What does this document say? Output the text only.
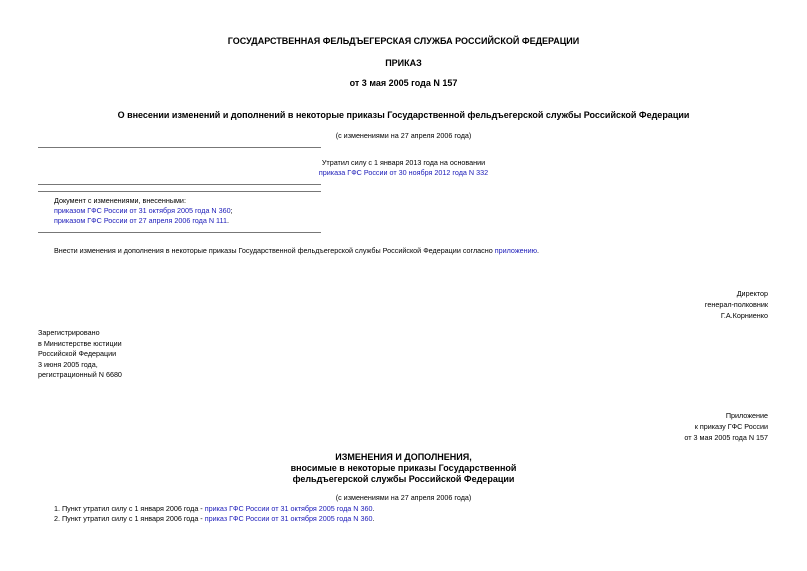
ГОСУДАРСТВЕННАЯ ФЕЛЬДЪЕГЕРСКАЯ СЛУЖБА РОССИЙСКОЙ ФЕДЕРАЦИИ
ПРИКАЗ
от 3 мая 2005 года N 157
О внесении изменений и дополнений в некоторые приказы Государственной фельдъегерской службы Российской Федерации
(с изменениями на 27 апреля 2006 года)
Утратил силу с 1 января 2013 года на основании
приказа ГФС России от 30 ноября 2012 года N 332
Документ с изменениями, внесенными:
приказом ГФС России от 31 октября 2005 года N 360;
приказом ГФС России от 27 апреля 2006 года N 111.
Внести изменения и дополнения в некоторые приказы Государственной фельдъегерской службы Российской Федерации согласно приложению.
Директор
генерал-полковник
Г.А.Корниенко
Зарегистрировано
в Министерстве юстиции
Российской Федерации
3 июня 2005 года,
регистрационный N 6680
Приложение
к приказу ГФС России
от 3 мая 2005 года N 157
ИЗМЕНЕНИЯ И ДОПОЛНЕНИЯ,
вносимые в некоторые приказы Государственной
фельдъегерской службы Российской Федерации
(с изменениями на 27 апреля 2006 года)
1. Пункт утратил силу с 1 января 2006 года - приказ ГФС России от 31 октября 2005 года N 360.
2. Пункт утратил силу с 1 января 2006 года - приказ ГФС России от 31 октября 2005 года N 360.
